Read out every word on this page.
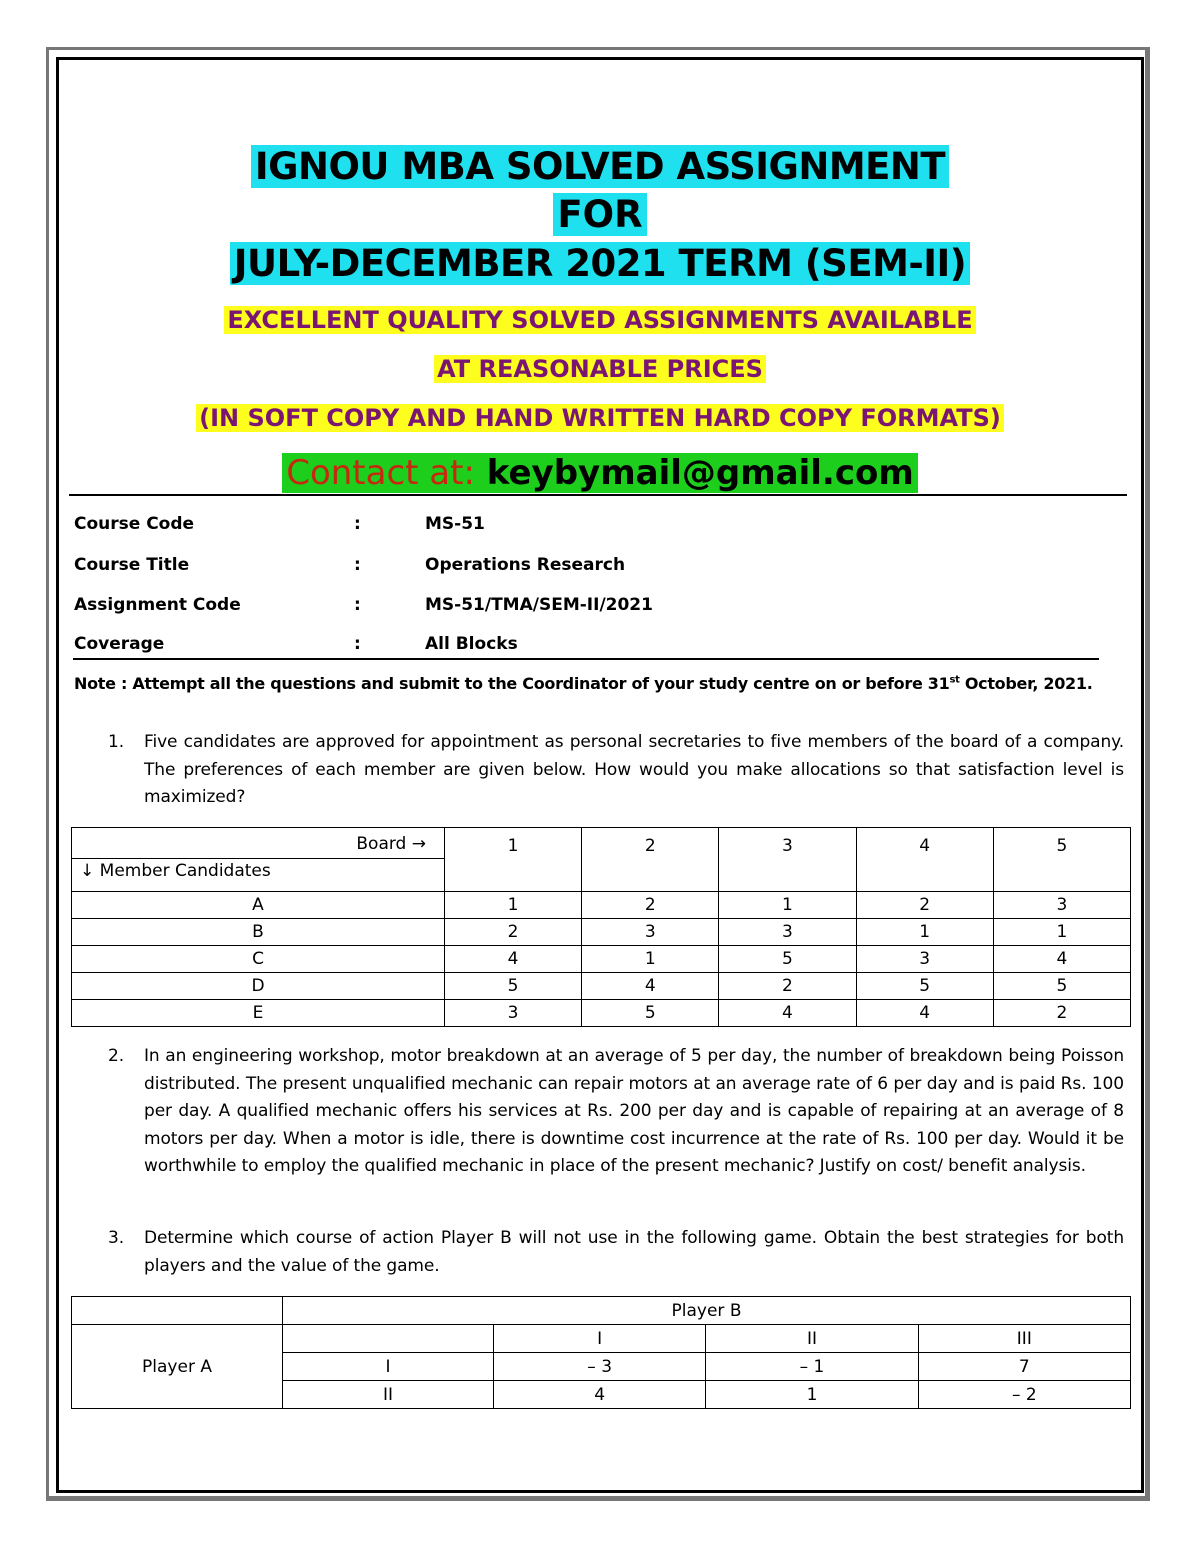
IGNOU MBA SOLVED ASSIGNMENT
FOR
JULY-DECEMBER 2021 TERM (SEM-II)
EXCELLENT QUALITY SOLVED ASSIGNMENTS AVAILABLE
AT REASONABLE PRICES
(IN SOFT COPY AND HAND WRITTEN HARD COPY FORMATS)
Contact at: keybymail@gmail.com
Course Code	:	MS-51
Course Title	:	Operations Research
Assignment Code	:	MS-51/TMA/SEM-II/2021
Coverage	:	All Blocks
Note : Attempt all the questions and submit to the Coordinator of your study centre on or before 31st October, 2021.
1. Five candidates are approved for appointment as personal secretaries to five members of the board of a company. The preferences of each member are given below. How would you make allocations so that satisfaction level is maximized?
Board →
↓ Member Candidates	1	2	3	4	5
A	1	2	1	2	3
B	2	3	3	1	1
C	4	1	5	3	4
D	5	4	2	5	5
E	3	5	4	4	2
2. In an engineering workshop, motor breakdown at an average of 5 per day, the number of breakdown being Poisson distributed. The present unqualified mechanic can repair motors at an average rate of 6 per day and is paid Rs. 100 per day. A qualified mechanic offers his services at Rs. 200 per day and is capable of repairing at an average of 8 motors per day. When a motor is idle, there is downtime cost incurrence at the rate of Rs. 100 per day. Would it be worthwhile to employ the qualified mechanic in place of the present mechanic? Justify on cost/ benefit analysis.
3. Determine which course of action Player B will not use in the following game. Obtain the best strategies for both players and the value of the game.
	Player B			
Player A		I	II	III
	I	– 3	– 1	7
	II	4	1	– 2
